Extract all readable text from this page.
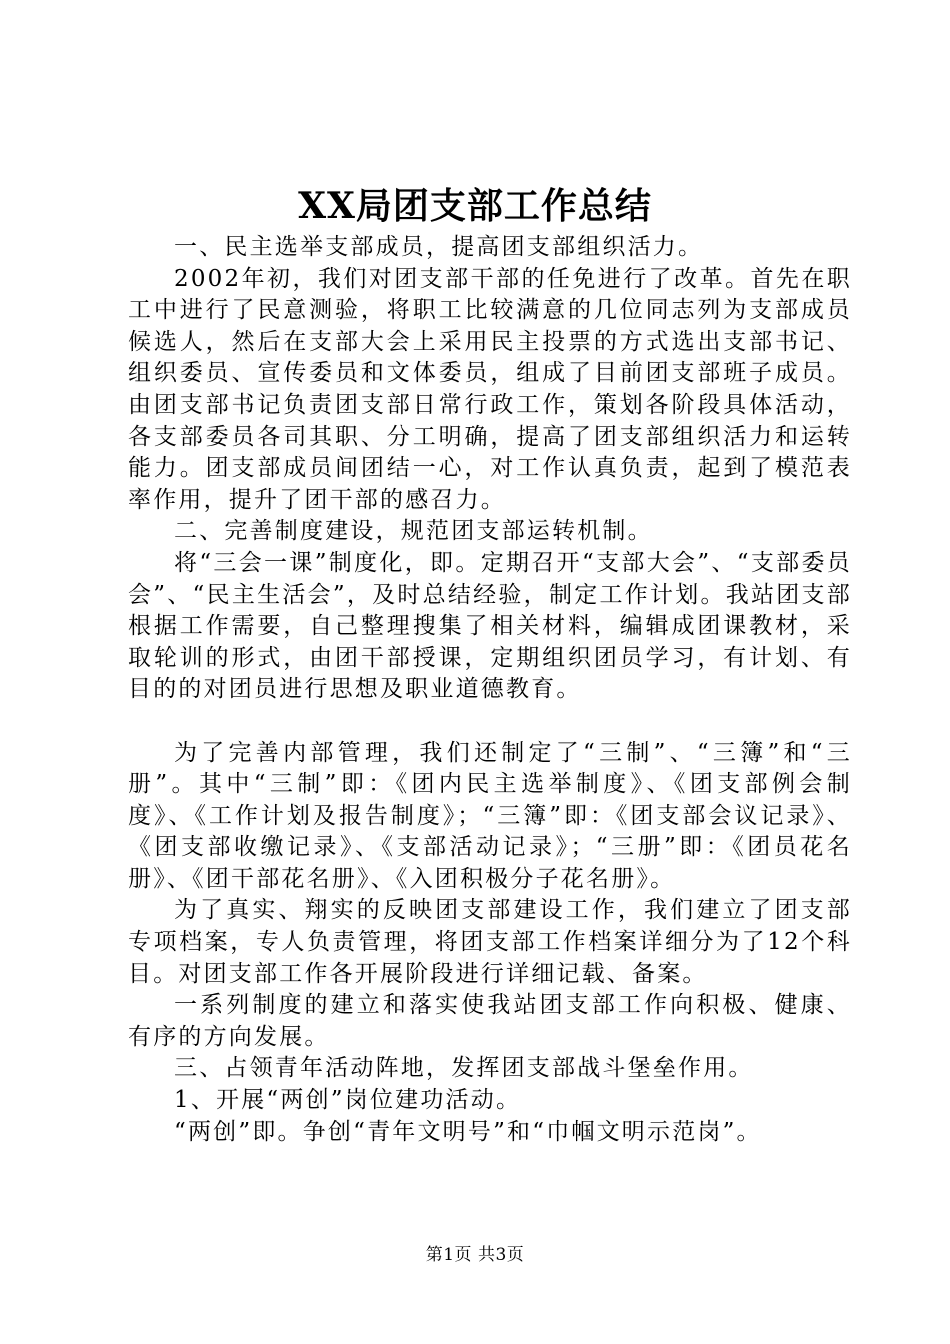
XX局团支部工作总结

一、民主选举支部成员，提高团支部组织活力。

2002年初，我们对团支部干部的任免进行了改革。首先在职工中进行了民意测验，将职工比较满意的几位同志列为支部成员候选人，然后在支部大会上采用民主投票的方式选出支部书记、组织委员、宣传委员和文体委员，组成了目前团支部班子成员。由团支部书记负责团支部日常行政工作，策划各阶段具体活动，各支部委员各司其职、分工明确，提高了团支部组织活力和运转能力。团支部成员间团结一心，对工作认真负责，起到了模范表率作用，提升了团干部的感召力。

二、完善制度建设，规范团支部运转机制。

将“三会一课”制度化，即。定期召开“支部大会”、“支部委员会”、“民主生活会”，及时总结经验，制定工作计划。我站团支部根据工作需要，自己整理搜集了相关材料，编辑成团课教材，采取轮训的形式，由团干部授课，定期组织团员学习，有计划、有目的的对团员进行思想及职业道德教育。

为了完善内部管理，我们还制定了“三制”、“三簿”和“三册”。其中“三制”即：《团内民主选举制度》、《团支部例会制度》、《工作计划及报告制度》；“三簿”即：《团支部会议记录》、《团支部收缴记录》、《支部活动记录》；“三册”即：《团员花名册》、《团干部花名册》、《入团积极分子花名册》。

为了真实、翔实的反映团支部建设工作，我们建立了团支部专项档案，专人负责管理，将团支部工作档案详细分为了12个科目。对团支部工作各开展阶段进行详细记载、备案。

一系列制度的建立和落实使我站团支部工作向积极、健康、有序的方向发展。

三、占领青年活动阵地，发挥团支部战斗堡垒作用。

1、开展“两创”岗位建功活动。

“两创”即。争创“青年文明号”和“巾帼文明示范岗”。

第1页 共3页
